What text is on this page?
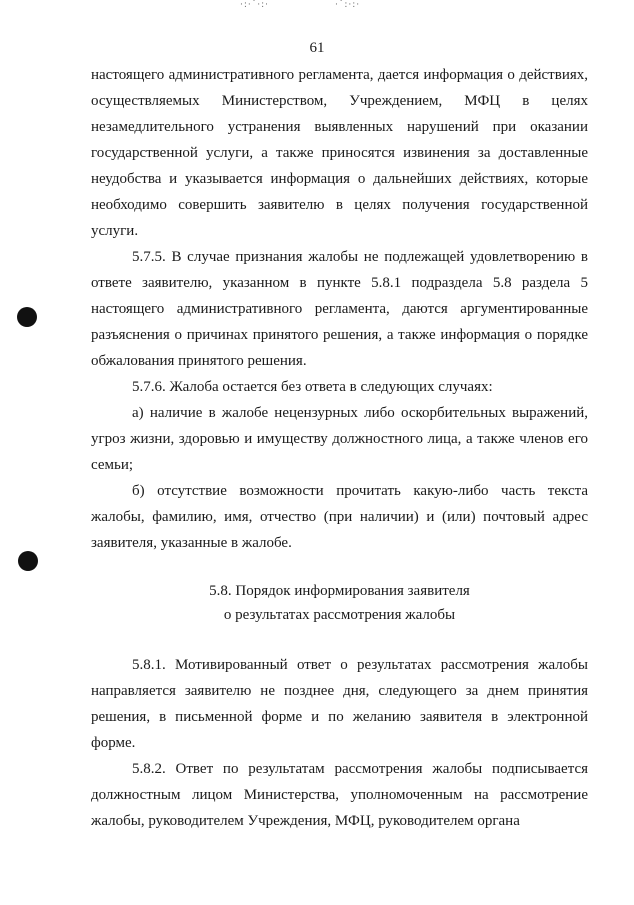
·:·˙·:·	·˙:·:·
61

настоящего административного регламента, дается информация о действиях, осуществляемых Министерством, Учреждением, МФЦ в целях незамедлительного устранения выявленных нарушений при оказании государственной услуги, а также приносятся извинения за доставленные неудобства и указывается информация о дальнейших действиях, которые необходимо совершить заявителю в целях получения государственной услуги.

5.7.5. В случае признания жалобы не подлежащей удовлетворению в ответе заявителю, указанном в пункте 5.8.1 подраздела 5.8 раздела 5 настоящего административного регламента, даются аргументированные разъяснения о причинах принятого решения, а также информация о порядке обжалования принятого решения.

5.7.6. Жалоба остается без ответа в следующих случаях:

а) наличие в жалобе нецензурных либо оскорбительных выражений, угроз жизни, здоровью и имуществу должностного лица, а также членов его семьи;

б) отсутствие возможности прочитать какую-либо часть текста жалобы, фамилию, имя, отчество (при наличии) и (или) почтовый адрес заявителя, указанные в жалобе.

5.8. Порядок информирования заявителя
о результатах рассмотрения жалобы

5.8.1. Мотивированный ответ о результатах рассмотрения жалобы направляется заявителю не позднее дня, следующего за днем принятия решения, в письменной форме и по желанию заявителя в электронной форме.

5.8.2. Ответ по результатам рассмотрения жалобы подписывается должностным лицом Министерства, уполномоченным на рассмотрение жалобы, руководителем Учреждения, МФЦ, руководителем органа
